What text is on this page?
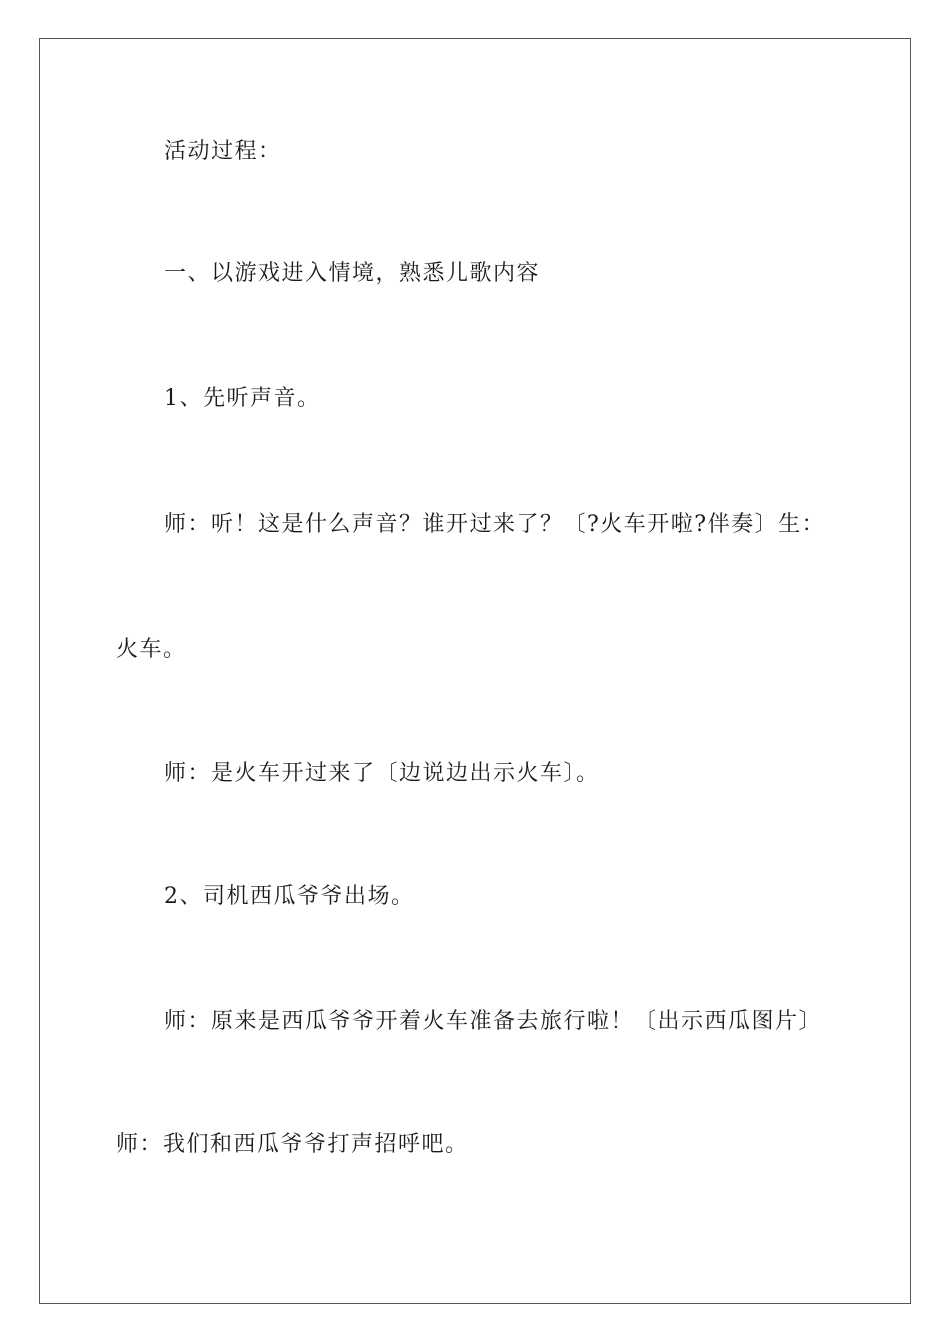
活动过程：
一、以游戏进入情境，熟悉儿歌内容
1、先听声音。
师：听！这是什么声音？谁开过来了？〔?火车开啦?伴奏〕生：
火车。
师：是火车开过来了〔边说边出示火车〕。
2、司机西瓜爷爷出场。
师：原来是西瓜爷爷开着火车准备去旅行啦！〔出示西瓜图片〕
师：我们和西瓜爷爷打声招呼吧。
